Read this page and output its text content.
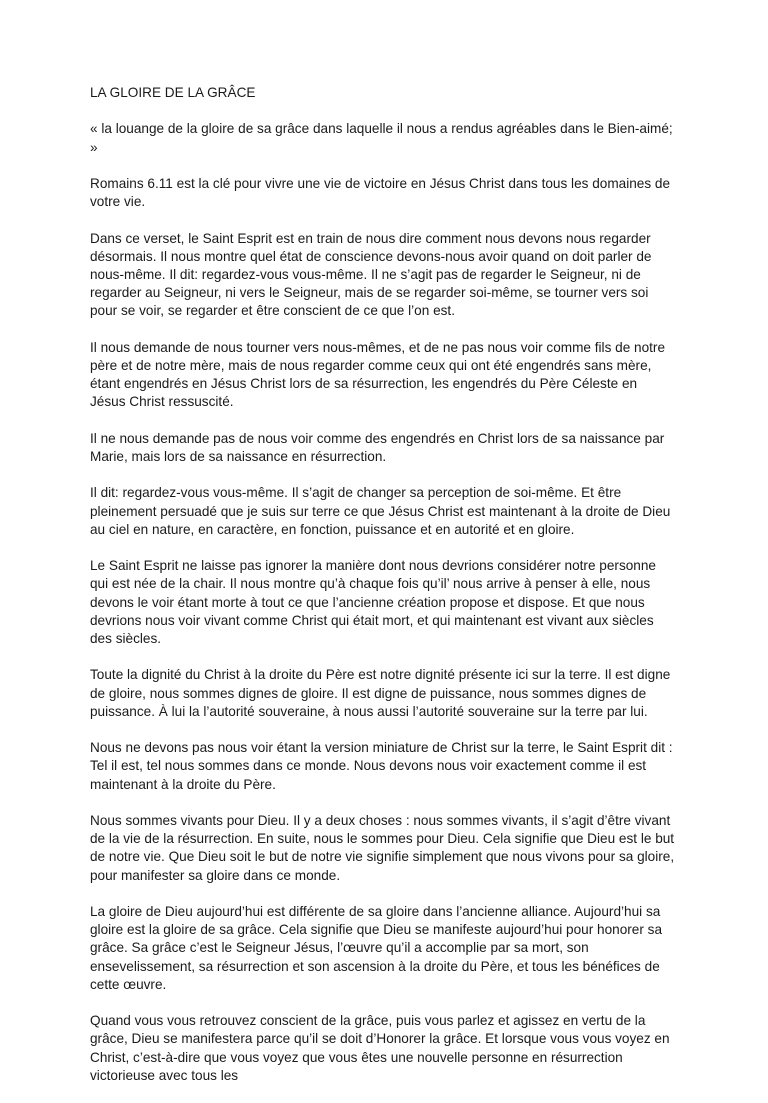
LA GLOIRE DE LA GRÂCE

« la louange de la gloire de sa grâce dans laquelle il nous a rendus agréables dans le Bien-aimé; »

Romains 6.11 est la clé pour vivre une vie de victoire en Jésus Christ dans tous les domaines de votre vie.

Dans ce verset, le Saint Esprit est en train de nous dire comment nous devons nous regarder désormais. Il nous montre quel état de conscience devons-nous avoir quand on doit parler de nous-même. Il dit: regardez-vous vous-même. Il ne s’agit pas de regarder le Seigneur, ni de regarder au Seigneur, ni vers le Seigneur, mais de se regarder soi-même, se tourner vers soi pour se voir, se regarder et être conscient de ce que l’on est.

Il nous demande de nous tourner vers nous-mêmes, et de ne pas nous voir comme fils de notre père et de notre mère, mais de nous regarder comme ceux qui ont été engendrés sans mère, étant engendrés en Jésus Christ lors de sa résurrection, les engendrés du Père Céleste en Jésus Christ ressuscité.

Il ne nous demande pas de nous voir comme des engendrés en Christ lors de sa naissance par Marie, mais lors de sa naissance en résurrection.

Il dit: regardez-vous vous-même. Il s’agit de changer sa perception de soi-même. Et être pleinement persuadé que je suis sur terre ce que Jésus Christ est maintenant à la droite de Dieu au ciel en nature, en caractère, en fonction, puissance et en autorité et en gloire.

Le Saint Esprit ne laisse pas ignorer la manière dont nous devrions considérer notre personne qui est née de la chair. Il nous montre qu’à chaque fois qu’il’ nous arrive à penser à elle, nous devons le voir étant morte à tout ce que l’ancienne création propose et dispose. Et que nous devrions nous voir vivant comme Christ qui était mort, et qui maintenant est vivant aux siècles des siècles.

Toute la dignité du Christ à la droite du Père est notre dignité présente ici sur la terre. Il est digne de gloire, nous sommes dignes de gloire. Il est digne de puissance, nous sommes dignes de puissance. À lui la l’autorité souveraine, à nous aussi l’autorité souveraine sur la terre par lui.

Nous ne devons pas nous voir étant la version miniature de Christ sur la terre, le Saint Esprit dit : Tel il est, tel nous sommes dans ce monde. Nous devons nous voir exactement comme il est maintenant à la droite du Père.

Nous sommes vivants pour Dieu. Il y a deux choses : nous sommes vivants, il s’agit d’être vivant de la vie de la résurrection. En suite, nous le sommes pour Dieu. Cela signifie que Dieu est le but de notre vie. Que Dieu soit le but de notre vie signifie simplement que nous vivons pour sa gloire, pour manifester sa gloire dans ce monde.

La gloire de Dieu aujourd’hui est différente de sa gloire dans l’ancienne alliance. Aujourd’hui sa gloire est la gloire de sa grâce. Cela signifie que Dieu se manifeste aujourd’hui pour honorer sa grâce. Sa grâce c’est le Seigneur Jésus, l’œuvre qu’il a accomplie par sa mort, son ensevelissement, sa résurrection et son ascension à la droite du Père, et tous les bénéfices de cette œuvre.

Quand vous vous retrouvez conscient de la grâce, puis vous parlez et agissez en vertu de la grâce, Dieu se manifestera parce qu’il se doit d’Honorer la grâce. Et lorsque vous vous voyez en Christ, c’est-à-dire que vous voyez que vous êtes une nouvelle personne en résurrection victorieuse avec tous les
